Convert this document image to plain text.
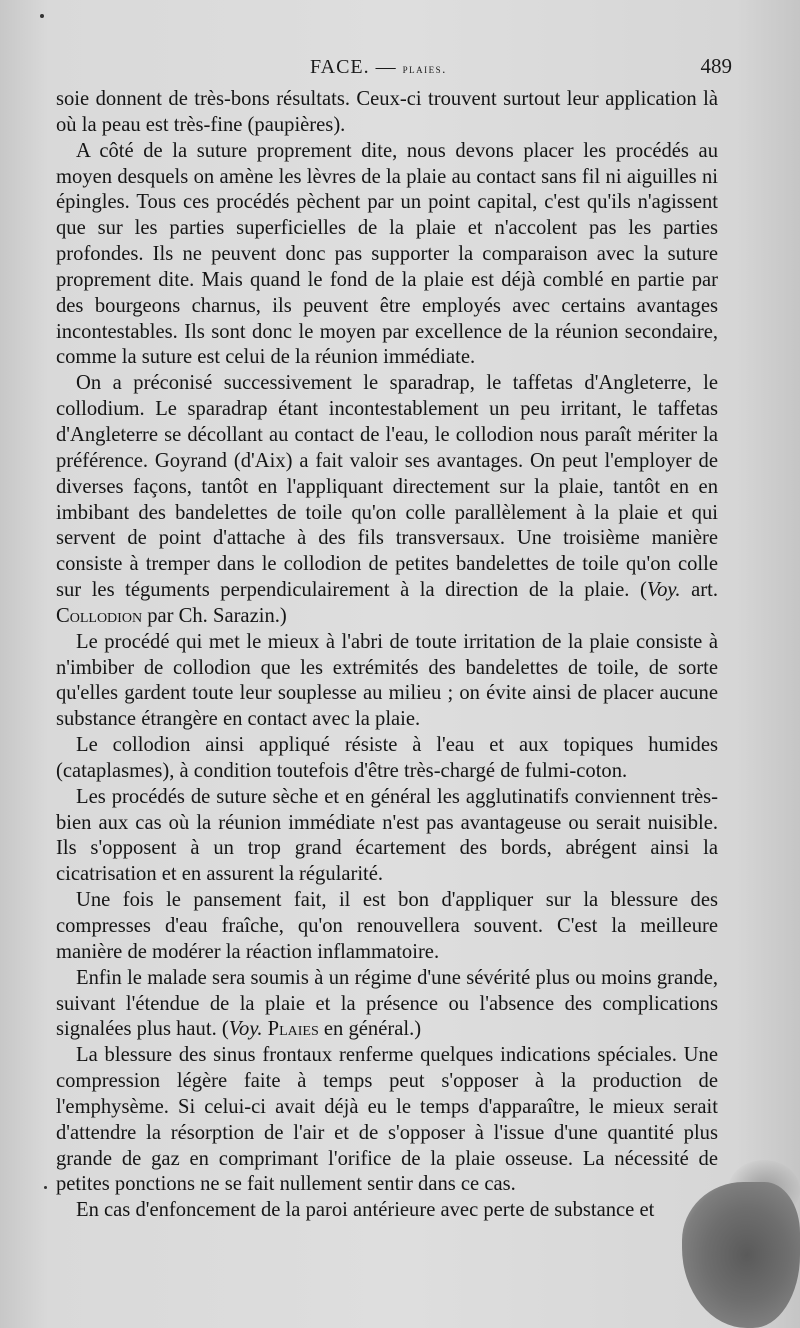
FACE. — plaies.	489

soie donnent de très-bons résultats. Ceux-ci trouvent surtout leur application là où la peau est très-fine (paupières).

A côté de la suture proprement dite, nous devons placer les procédés au moyen desquels on amène les lèvres de la plaie au contact sans fil ni aiguilles ni épingles. Tous ces procédés pèchent par un point capital, c'est qu'ils n'agissent que sur les parties superficielles de la plaie et n'accolent pas les parties profondes. Ils ne peuvent donc pas supporter la comparaison avec la suture proprement dite. Mais quand le fond de la plaie est déjà comblé en partie par des bourgeons charnus, ils peuvent être employés avec certains avantages incontestables. Ils sont donc le moyen par excellence de la réunion secondaire, comme la suture est celui de la réunion immédiate.

On a préconisé successivement le sparadrap, le taffetas d'Angleterre, le collodium. Le sparadrap étant incontestablement un peu irritant, le taffetas d'Angleterre se décollant au contact de l'eau, le collodion nous paraît mériter la préférence. Goyrand (d'Aix) a fait valoir ses avantages. On peut l'employer de diverses façons, tantôt en l'appliquant directement sur la plaie, tantôt en en imbibant des bandelettes de toile qu'on colle parallèlement à la plaie et qui servent de point d'attache à des fils transversaux. Une troisième manière consiste à tremper dans le collodion de petites bandelettes de toile qu'on colle sur les téguments perpendiculairement à la direction de la plaie. (Voy. art. Collodion par Ch. Sarazin.)

Le procédé qui met le mieux à l'abri de toute irritation de la plaie consiste à n'imbiber de collodion que les extrémités des bandelettes de toile, de sorte qu'elles gardent toute leur souplesse au milieu ; on évite ainsi de placer aucune substance étrangère en contact avec la plaie.

Le collodion ainsi appliqué résiste à l'eau et aux topiques humides (cataplasmes), à condition toutefois d'être très-chargé de fulmi-coton.

Les procédés de suture sèche et en général les agglutinatifs conviennent très-bien aux cas où la réunion immédiate n'est pas avantageuse ou serait nuisible. Ils s'opposent à un trop grand écartement des bords, abrégent ainsi la cicatrisation et en assurent la régularité.

Une fois le pansement fait, il est bon d'appliquer sur la blessure des compresses d'eau fraîche, qu'on renouvellera souvent. C'est la meilleure manière de modérer la réaction inflammatoire.

Enfin le malade sera soumis à un régime d'une sévérité plus ou moins grande, suivant l'étendue de la plaie et la présence ou l'absence des complications signalées plus haut. (Voy. Plaies en général.)

La blessure des sinus frontaux renferme quelques indications spéciales. Une compression légère faite à temps peut s'opposer à la production de l'emphysème. Si celui-ci avait déjà eu le temps d'apparaître, le mieux serait d'attendre la résorption de l'air et de s'opposer à l'issue d'une quantité plus grande de gaz en comprimant l'orifice de la plaie osseuse. La nécessité de petites ponctions ne se fait nullement sentir dans ce cas.

En cas d'enfoncement de la paroi antérieure avec perte de substance et
